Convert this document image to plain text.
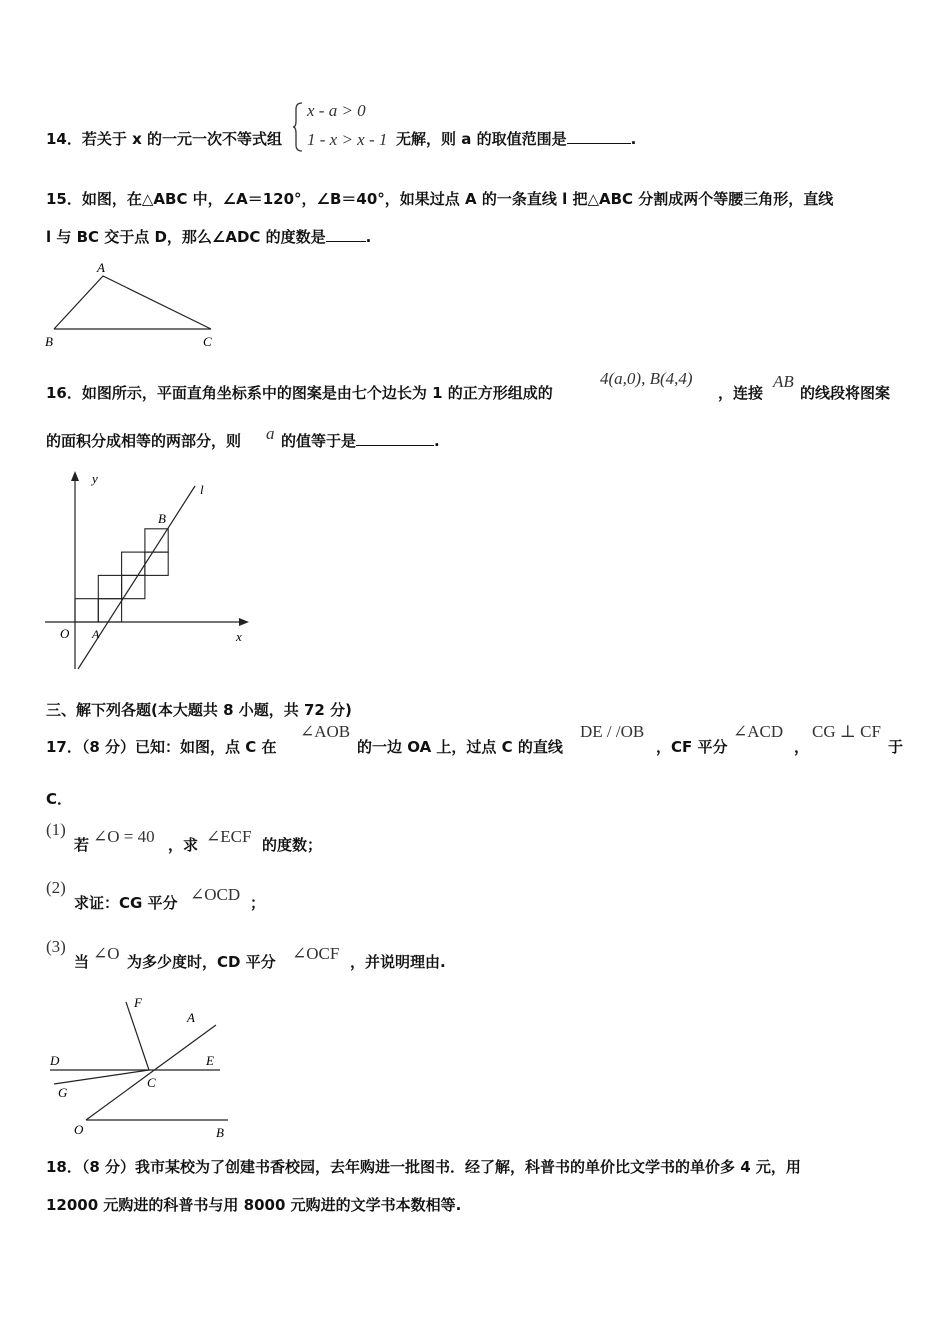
14．若关于 x 的一元一次不等式组
x - a > 0
1 - x > x - 1 无解，则 a 的取值范围是	.
15．如图，在△ABC 中，∠A＝120°，∠B＝40°，如果过点 A 的一条直线 l 把△ABC 分割成两个等腰三角形，直线
l 与 BC 交于点 D，那么∠ADC 的度数是	.
A
B	C
16．如图所示，平面直角坐标系中的图案是由七个边长为 1 的正方形组成的
4(a,0), B(4,4)
，连接
AB
的线段将图案
的面积分成相等的两部分，则 a 的值等于是	.
y
x
O A
B
l
三、解下列各题(本大题共 8 小题，共 72 分)
17．（8 分）已知：如图，点 C 在
∠AOB
的一边 OA 上，过点 C 的直线
DE / /OB
，CF 平分
∠ACD
，
CG ⊥ CF
于
C．
(1)
若 ∠O = 40 ，求 ∠ECF 的度数；
(2)
求证：CG 平分 ∠OCD ；
(3)
当 ∠O 为多少度时，CD 平分 ∠OCF ，并说明理由.
F
A
D	E
G
C
O	B
18．（8 分）我市某校为了创建书香校园，去年购进一批图书．经了解，科普书的单价比文学书的单价多 4 元，用
12000 元购进的科普书与用 8000 元购进的文学书本数相等.
